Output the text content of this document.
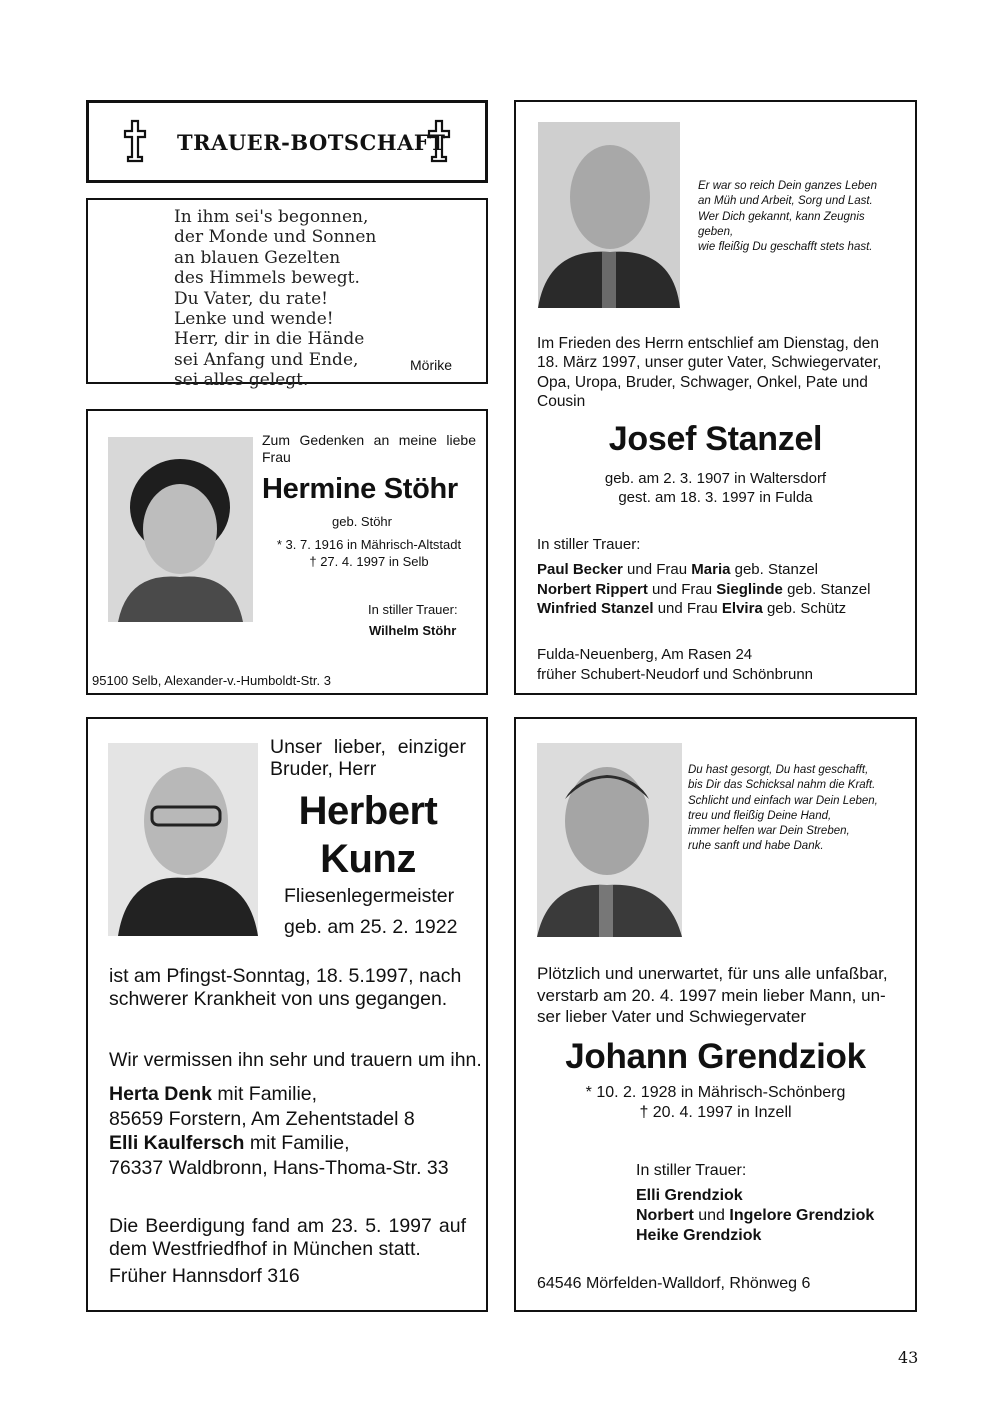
TRAUER-BOTSCHAFT

In ihm sei's begonnen,

der Monde und Sonnen

an blauen Gezelten

des Himmels bewegt.

Du Vater, du rate!

Lenke und wende!

Herr, dir in die Hände

sei Anfang und Ende,

sei alles gelegt.

Mörike
Zum Gedenken an meine liebe Frau
Hermine Stöhr
geb. Stöhr
* 3. 7. 1916 in Mährisch-Altstadt
† 27. 4. 1997 in Selb
In stiller Trauer:
Wilhelm Stöhr
95100 Selb, Alexander-v.-Humboldt-Str. 3

Er war so reich Dein ganzes Leben

an Müh und Arbeit, Sorg und Last.

Wer Dich gekannt, kann Zeugnis

geben,

wie fleißig Du geschafft stets hast.

Im Frieden des Herrn entschlief am Dienstag, den

18. März 1997, unser guter Vater, Schwiegervater,

Opa, Uropa, Bruder, Schwager, Onkel, Pate und

Cousin

Josef Stanzel
geb. am 2. 3. 1907 in Waltersdorf
gest. am 18. 3. 1997 in Fulda
In stiller Trauer:

Paul Becker und Frau Maria geb. Stanzel

Norbert Rippert und Frau Sieglinde geb. Stanzel

Winfried Stanzel und Frau Elvira geb. Schütz

Fulda-Neuenberg, Am Rasen 24
früher Schubert-Neudorf und Schönbrunn
Unser lieber, einziger
Bruder, Herr
Herbert
Kunz
Fliesenlegermeister
geb. am 25. 2. 1922

ist am Pfingst-Sonntag, 18. 5.1997, nach

schwerer Krankheit von uns gegangen.

Wir vermissen ihn sehr und trauern um ihn.

Herta Denk mit Familie,

85659 Forstern, Am Zehentstadel 8

Elli Kaulfersch mit Familie,

76337 Waldbronn, Hans-Thoma-Str. 33

Die Beerdigung fand am 23. 5. 1997 auf

dem Westfriedfhof in München statt.

Früher Hannsdorf 316

Du hast gesorgt, Du hast geschafft,

bis Dir das Schicksal nahm die Kraft.

Schlicht und einfach war Dein Leben,

treu und fleißig Deine Hand,

immer helfen war Dein Streben,

ruhe sanft und habe Dank.

Plötzlich und unerwartet, für uns alle unfaßbar,

verstarb am 20. 4. 1997 mein lieber Mann, un-

ser lieber Vater und Schwiegervater

Johann Grendziok
* 10. 2. 1928 in Mährisch-Schönberg
† 20. 4. 1997 in Inzell
In stiller Trauer:

Elli Grendziok

Norbert und Ingelore Grendziok

Heike Grendziok

64546 Mörfelden-Walldorf, Rhönweg 6
43
